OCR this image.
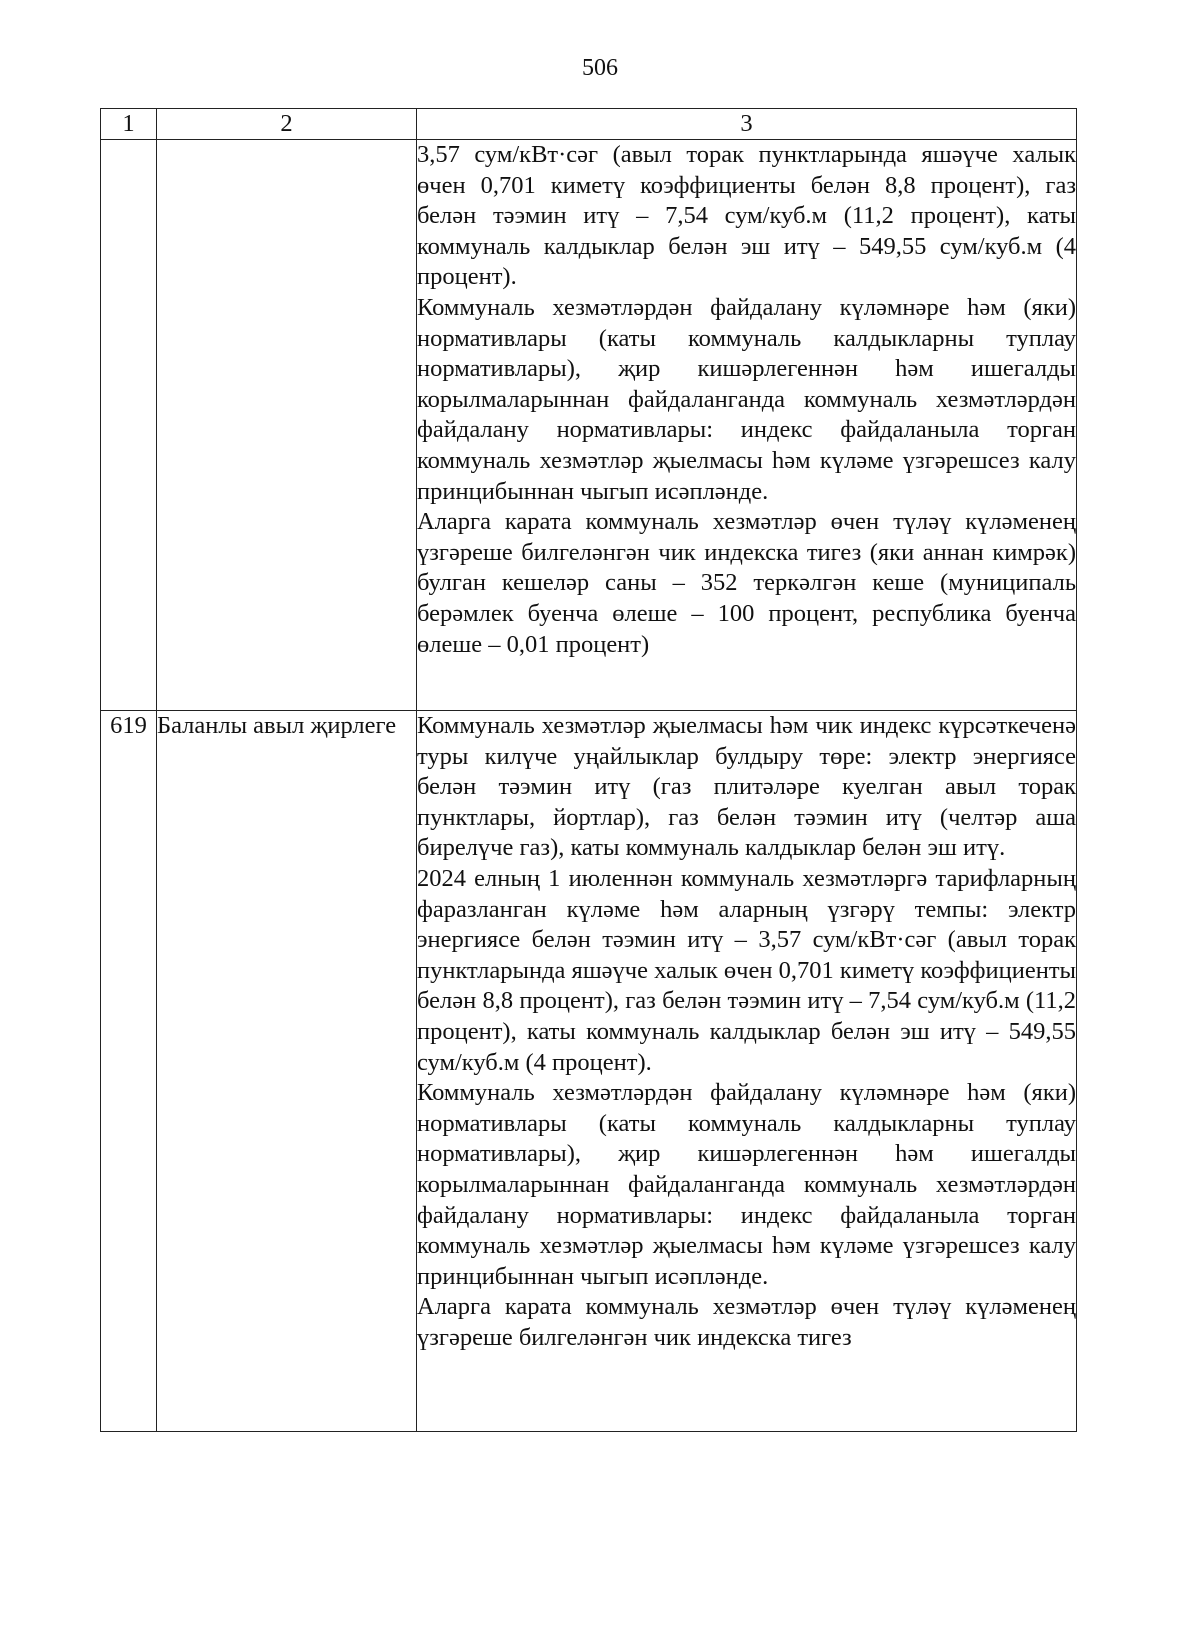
506
1	2	3

		3,57 сум/кВт·сәг (авыл торак пунктларында яшәүче халык өчен 0,701 киметү коэффициенты белән 8,8 процент), газ белән тәэмин итү – 7,54 сум/куб.м (11,2 процент), каты коммуналь калдыклар белән эш итү – 549,55 сум/куб.м (4 процент).

Коммуналь хезмәтләрдән файдалану күләмнәре һәм (яки) нормативлары (каты коммуналь калдыкларны туплау нормативлары), җир кишәрлегеннән һәм ишегалды корылмаларыннан файдаланганда коммуналь хезмәтләрдән файдалану нормативлары: индекс файдаланыла торган коммуналь хезмәтләр җыелмасы һәм күләме үзгәрешсез калу принцибыннан чыгып исәпләнде.

Аларга карата коммуналь хезмәтләр өчен түләү күләменең үзгәреше билгеләнгән чик индекска тигез (яки аннан кимрәк) булган кешеләр саны – 352 теркәлгән кеше (муниципаль берәмлек буенча өлеше – 100 процент, республика буенча өлеше – 0,01 процент)

619	Баланлы авыл җирлеге	Коммуналь хезмәтләр җыелмасы һәм чик индекс күрсәткеченә туры килүче уңайлыклар булдыру төре: электр энергиясе белән тәэмин итү (газ плитәләре куелган авыл торак пунктлары, йортлар), газ белән тәэмин итү (челтәр аша бирелүче газ), каты коммуналь калдыклар белән эш итү.

2024 елның 1 июленнән коммуналь хезмәтләргә тарифларның фаразланган күләме һәм аларның үзгәрү темпы: электр энергиясе белән тәэмин итү – 3,57 сум/кВт·сәг (авыл торак пунктларында яшәүче халык өчен 0,701 киметү коэффициенты белән 8,8 процент), газ белән тәэмин итү – 7,54 сум/куб.м (11,2 процент), каты коммуналь калдыклар белән эш итү – 549,55 сум/куб.м (4 процент).

Коммуналь хезмәтләрдән файдалану күләмнәре һәм (яки) нормативлары (каты коммуналь калдыкларны туплау нормативлары), җир кишәрлегеннән һәм ишегалды корылмаларыннан файдаланганда коммуналь хезмәтләрдән файдалану нормативлары: индекс файдаланыла торган коммуналь хезмәтләр җыелмасы һәм күләме үзгәрешсез калу принцибыннан чыгып исәпләнде.

Аларга карата коммуналь хезмәтләр өчен түләү күләменең үзгәреше билгеләнгән чик индекска тигез
